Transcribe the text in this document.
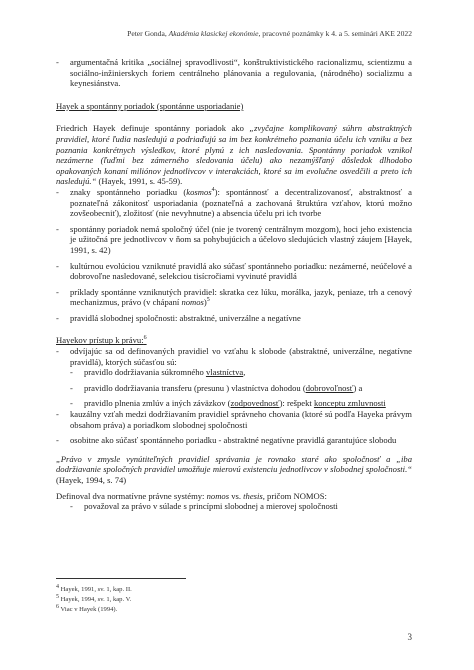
Peter Gonda, Akadémia klasickej ekonómie, pracovné poznámky k 4. a 5. seminári AKE 2022
-	argumentačná kritika „sociálnej spravodlivosti“, konštruktivistického racionalizmu, scientizmu a sociálno-inžinierskych foriem centrálneho plánovania a regulovania, (národného) socializmu a keynesiánstva.

Hayek a spontánny poriadok (spontánne usporiadanie)

Friedrich Hayek definuje spontánny poriadok ako „zvyčajne komplikovaný súhrn abstraktných pravidiel, ktoré ľudia nasledujú a podriaďujú sa im bez konkrétneho poznania účelu ich vzniku a bez poznania konkrétnych výsledkov, ktoré plynú z ich nasledovania. Spontánny poriadok vznikol nezámerne (ľuďmi bez zámerného sledovania účelu) ako nezamýšľaný dôsledok dlhodobo opakovaných konaní miliónov jednotlivcov v interakciách, ktoré sa im evolučne osvedčili a preto ich nasledujú.“ (Hayek, 1991, s. 45-59).

-	znaky spontánneho poriadku (kosmos$^4$): spontánnosť a decentralizovanosť, abstraktnosť a poznateľná zákonitosť usporiadania (poznateľná a zachovaná štruktúra vzťahov, ktorú možno zovšeobecniť), zložitosť (nie nevyhnutne) a absencia účelu pri ich tvorbe
-	spontánny poriadok nemá spoločný účel (nie je tvorený centrálnym mozgom), hoci jeho existencia je užitočná pre jednotlivcov v ňom sa pohybujúcich a účelovo sledujúcich vlastný záujem [Hayek, 1991, s. 42)
-	kultúrnou evolúciou vzniknuté pravidlá ako súčasť spontánneho poriadku: nezámerné, neúčelové a dobrovoľne nasledované, selekciou tisícročiami vyvinuté pravidlá
-	príklady spontánne vzniknutých pravidiel: skratka cez lúku, morálka, jazyk, peniaze, trh a cenový mechanizmus, právo (v chápaní nomos)$^5$
-	pravidlá slobodnej spoločnosti: abstraktné, univerzálne a negatívne

Hayekov prístup k právu:$^6$

-	odvíjajúc sa od definovaných pravidiel vo vzťahu k slobode (abstraktné, univerzálne, negatívne pravidlá), ktorých súčasťou sú:
-	pravidlo dodržiavania súkromného vlastníctva,
-	pravidlo dodržiavania transferu (presunu ) vlastníctva dohodou (dobrovoľnosť) a
-	pravidlo plnenia zmlúv a iných záväzkov (zodpovednosť): rešpekt konceptu zmluvnosti
-	kauzálny vzťah medzi dodržiavaním pravidiel správneho chovania (ktoré sú podľa Hayeka právym obsahom práva) a poriadkom slobodnej spoločnosti
-	osobitne ako súčasť spontánneho poriadku - abstraktné negatívne pravidlá garantujúce slobodu

„Právo v zmysle vynútiteľných pravidiel správania je rovnako staré ako spoločnosť a „iba dodržiavanie spoločných pravidiel umožňuje mierovú existenciu jednotlivcov v slobodnej spoločnosti.“ (Hayek, 1994, s. 74)

Definoval dva normatívne právne systémy: nomos vs. thesis, pričom NOMOS:

-	považoval za právo v súlade s princípmi slobodnej a mierovej spoločnosti
$^4$ Hayek, 1991, sv. 1, kap. II.
$^5$ Hayek, 1994, sv. 1, kap. V.
$^6$ Viac v Hayek (1994).
3
